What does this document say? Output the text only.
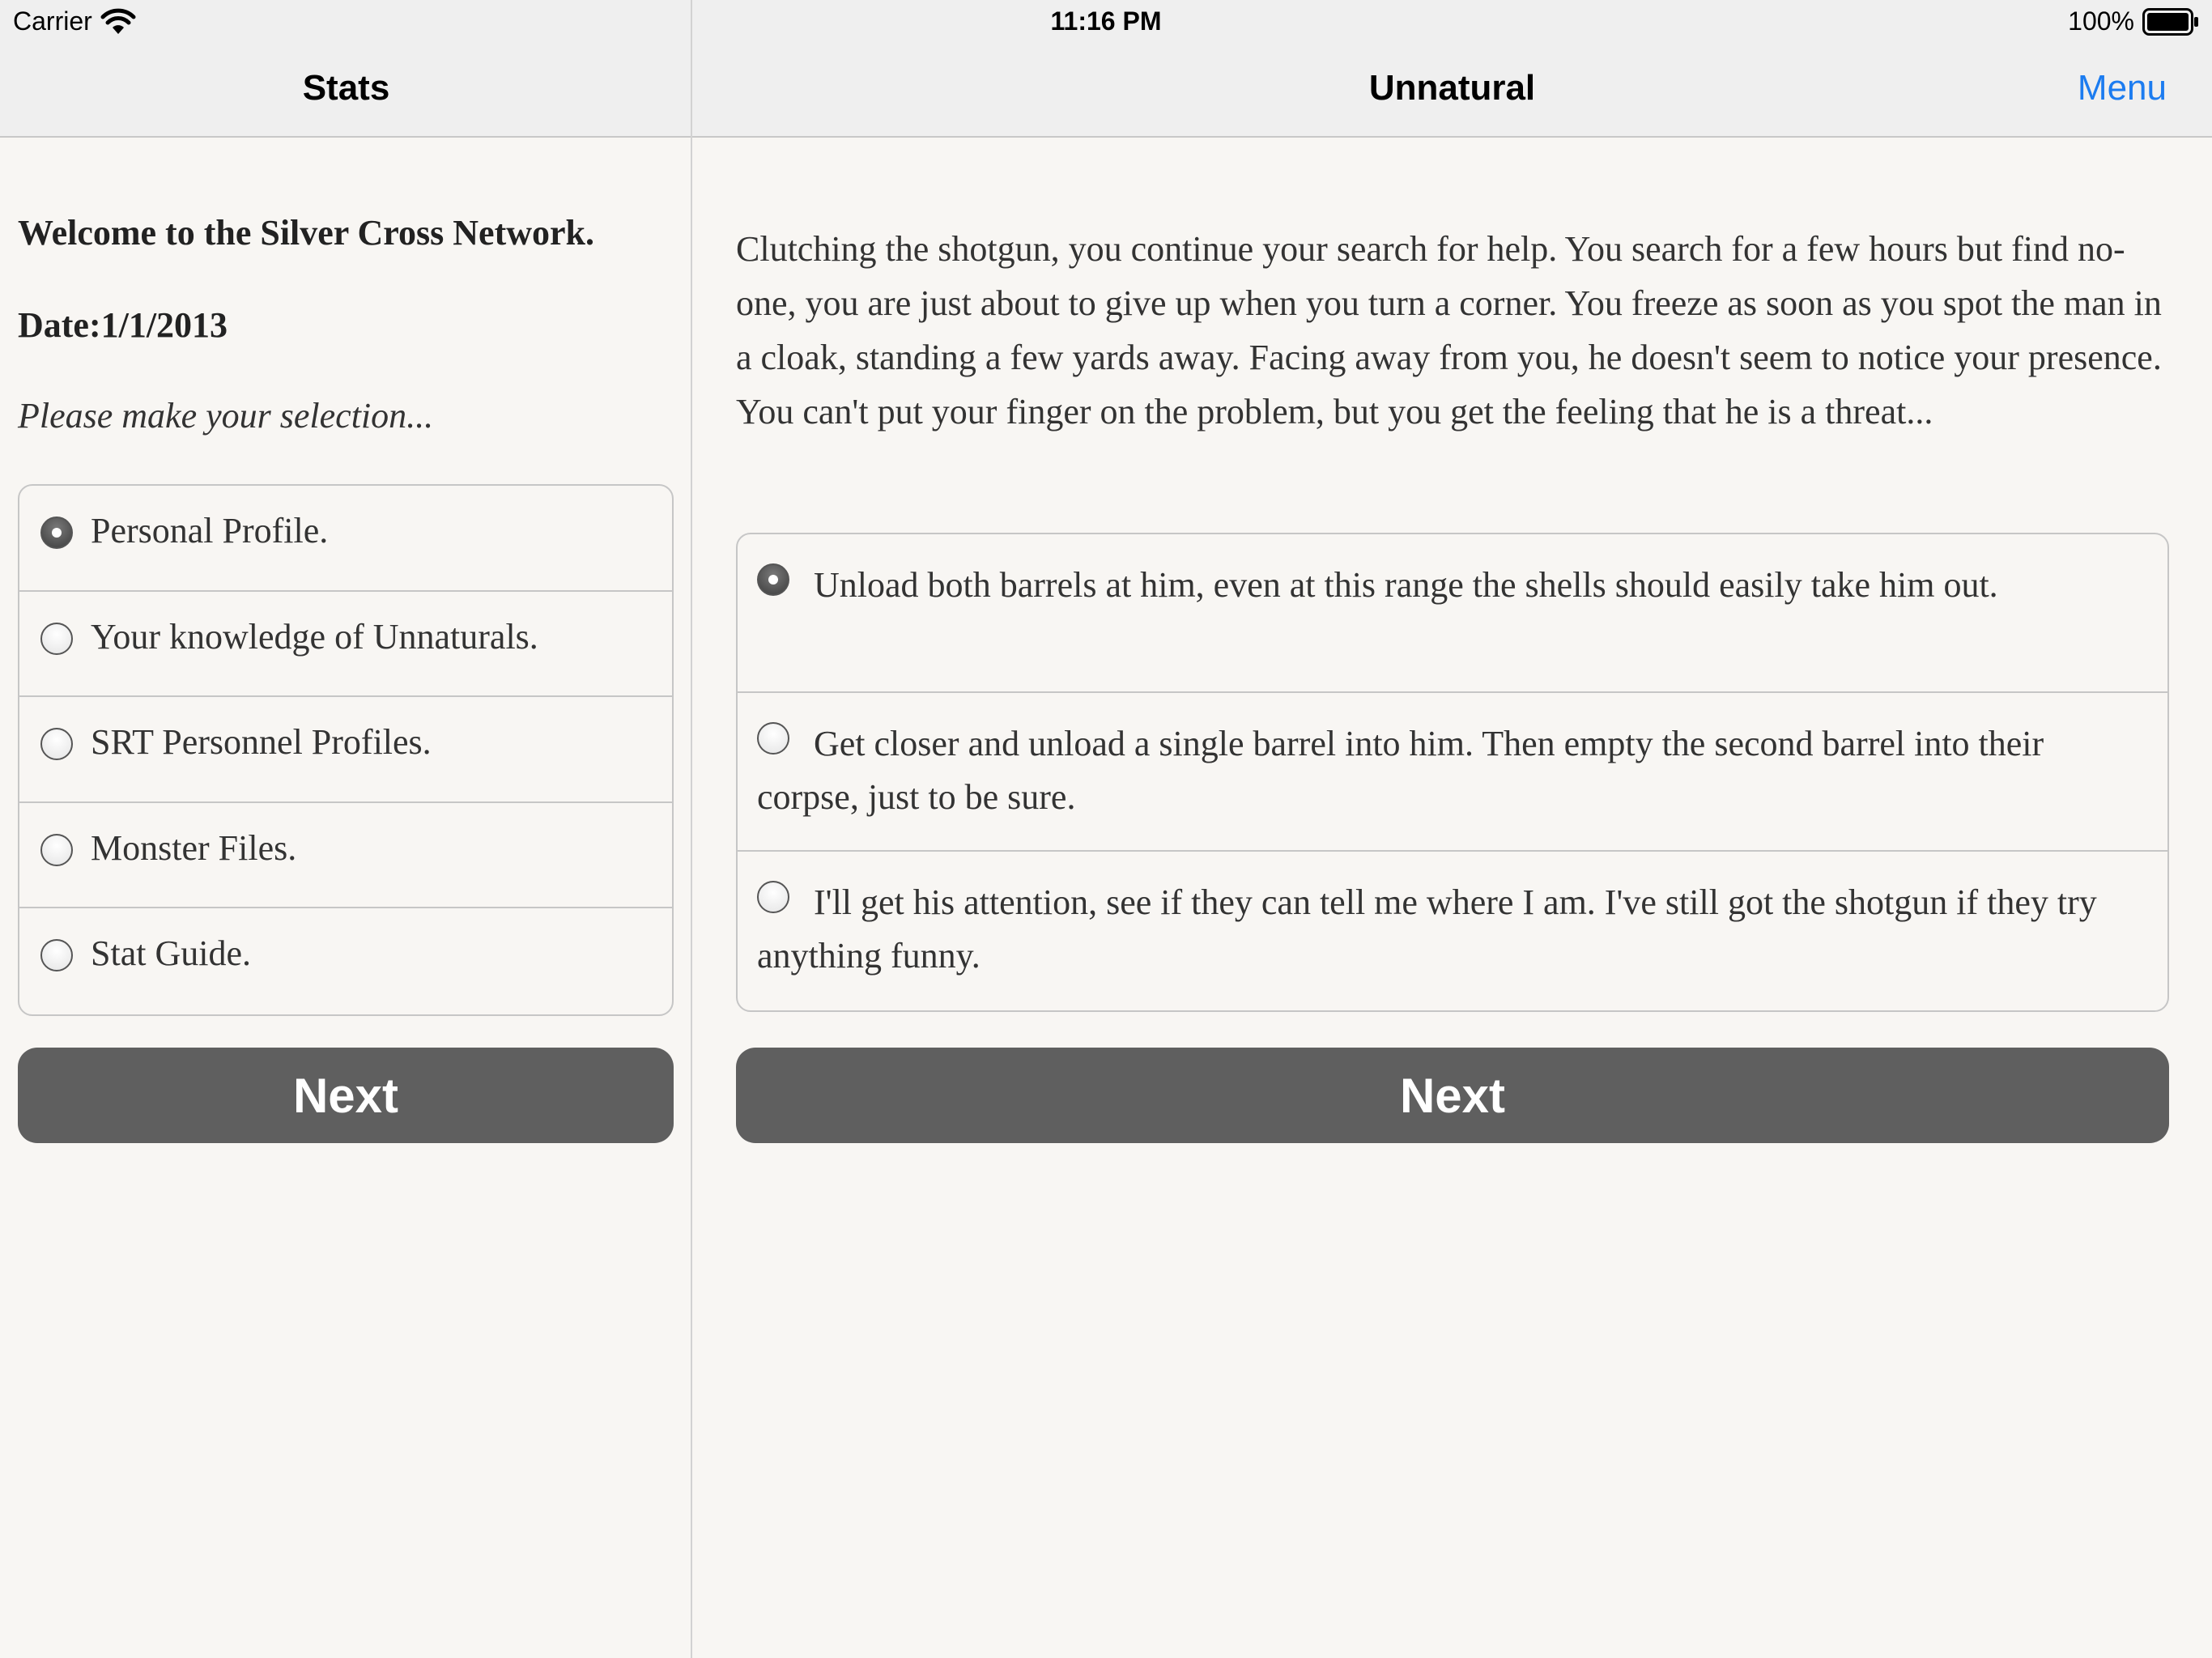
Carrier	11:16 PM	100%
Stats	Unnatural	Menu
Welcome to the Silver Cross Network.
Date:1/1/2013
Please make your selection...
Personal Profile.
Your knowledge of Unnaturals.
SRT Personnel Profiles.
Monster Files.
Stat Guide.
Next
Clutching the shotgun, you continue your search for help. You search for a few hours but find no-one, you are just about to give up when you turn a corner. You freeze as soon as you spot the man in a cloak, standing a few yards away. Facing away from you, he doesn't seem to notice your presence. You can't put your finger on the problem, but you get the feeling that he is a threat...
Unload both barrels at him, even at this range the shells should easily take him out.
Get closer and unload a single barrel into him. Then empty the second barrel into their corpse, just to be sure.
I'll get his attention, see if they can tell me where I am. I've still got the shotgun if they try anything funny.
Next
